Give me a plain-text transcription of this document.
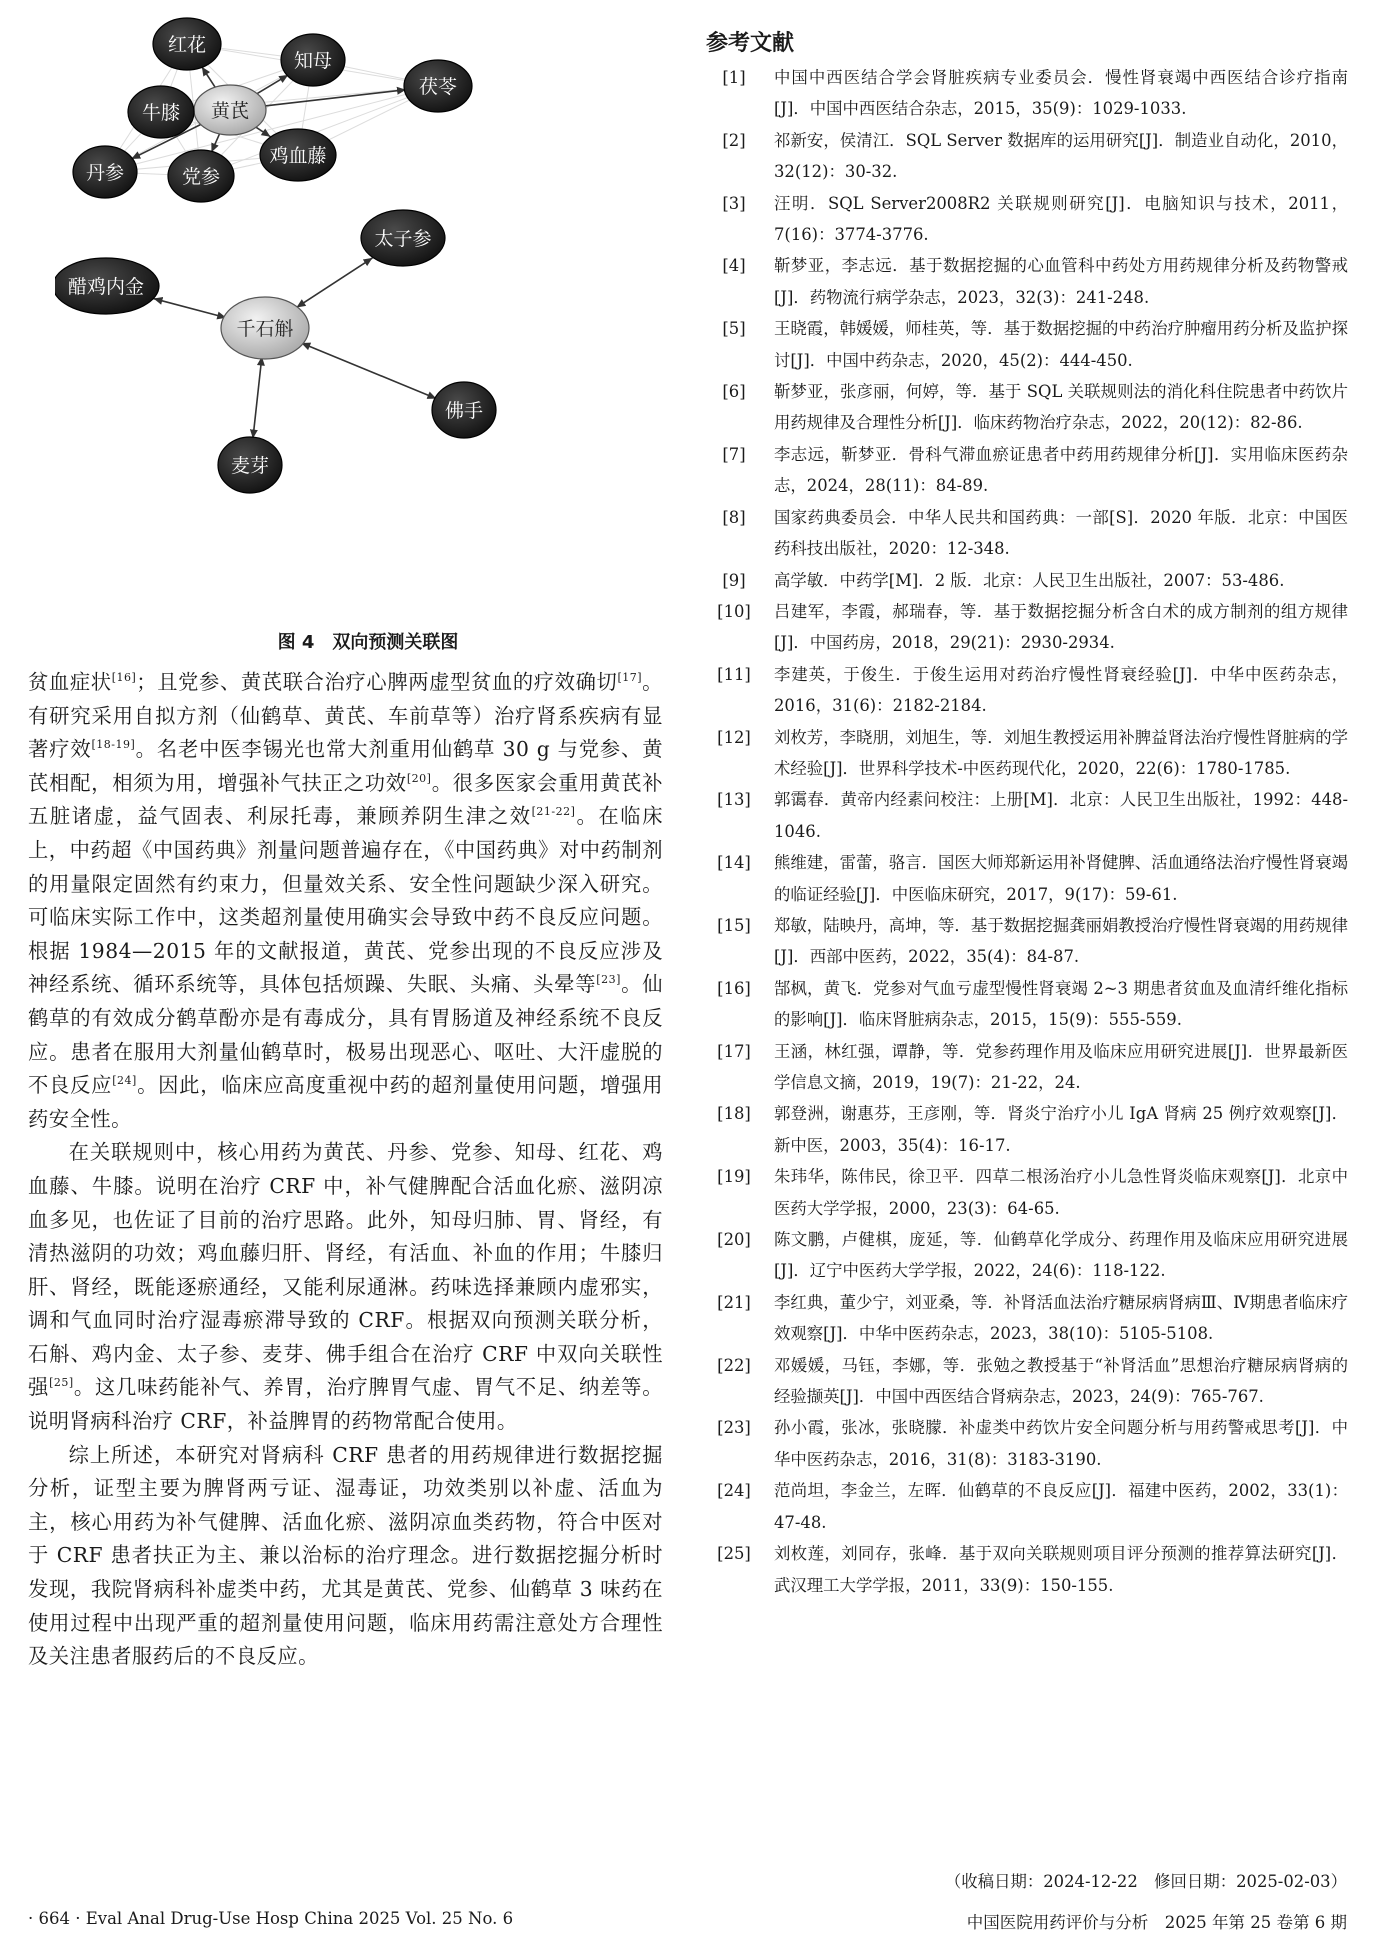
黄芪
红花
知母
茯苓
牛膝
鸡血藤
丹参	党参
千石斛
太子参
醋鸡内金
佛手
麦芽
图 4　双向预测关联图

贫血症状[16]；且党参、黄芪联合治疗心脾两虚型贫血的疗效确切[17]。有研究采用自拟方剂（仙鹤草、黄芪、车前草等）治疗肾系疾病有显著疗效[18-19]。名老中医李锡光也常大剂重用仙鹤草 30 g 与党参、黄芪相配，相须为用，增强补气扶正之功效[20]。很多医家会重用黄芪补五脏诸虚，益气固表、利尿托毒，兼顾养阴生津之效[21-22]。在临床上，中药超《中国药典》剂量问题普遍存在，《中国药典》对中药制剂的用量限定固然有约束力，但量效关系、安全性问题缺少深入研究。可临床实际工作中，这类超剂量使用确实会导致中药不良反应问题。根据 1984—2015 年的文献报道，黄芪、党参出现的不良反应涉及神经系统、循环系统等，具体包括烦躁、失眠、头痛、头晕等[23]。仙鹤草的有效成分鹤草酚亦是有毒成分，具有胃肠道及神经系统不良反应。患者在服用大剂量仙鹤草时，极易出现恶心、呕吐、大汗虚脱的不良反应[24]。因此，临床应高度重视中药的超剂量使用问题，增强用药安全性。

在关联规则中，核心用药为黄芪、丹参、党参、知母、红花、鸡血藤、牛膝。说明在治疗 CRF 中，补气健脾配合活血化瘀、滋阴凉血多见，也佐证了目前的治疗思路。此外，知母归肺、胃、肾经，有清热滋阴的功效；鸡血藤归肝、肾经，有活血、补血的作用；牛膝归肝、肾经，既能逐瘀通经，又能利尿通淋。药味选择兼顾内虚邪实，调和气血同时治疗湿毒瘀滞导致的 CRF。根据双向预测关联分析，石斛、鸡内金、太子参、麦芽、佛手组合在治疗 CRF 中双向关联性强[25]。这几味药能补气、养胃，治疗脾胃气虚、胃气不足、纳差等。说明肾病科治疗 CRF，补益脾胃的药物常配合使用。

综上所述，本研究对肾病科 CRF 患者的用药规律进行数据挖掘分析，证型主要为脾肾两亏证、湿毒证，功效类别以补虚、活血为主，核心用药为补气健脾、活血化瘀、滋阴凉血类药物，符合中医对于 CRF 患者扶正为主、兼以治标的治疗理念。进行数据挖掘分析时发现，我院肾病科补虚类中药，尤其是黄芪、党参、仙鹤草 3 味药在使用过程中出现严重的超剂量使用问题，临床用药需注意处方合理性及关注患者服药后的不良反应。

参考文献
[1]	中国中西医结合学会肾脏疾病专业委员会．慢性肾衰竭中西医结合诊疗指南[J]．中国中西医结合杂志，2015，35(9)：1029-1033.
[2]	祁新安，侯清江．SQL Server 数据库的运用研究[J]．制造业自动化，2010，32(12)：30-32.
[3]	汪明．SQL Server2008R2 关联规则研究[J]．电脑知识与技术，2011，7(16)：3774-3776.
[4]	靳梦亚，李志远．基于数据挖掘的心血管科中药处方用药规律分析及药物警戒[J]．药物流行病学杂志，2023，32(3)：241-248.
[5]	王晓霞，韩媛媛，师桂英，等．基于数据挖掘的中药治疗肿瘤用药分析及监护探讨[J]．中国中药杂志，2020，45(2)：444-450.
[6]	靳梦亚，张彦丽，何婷，等．基于 SQL 关联规则法的消化科住院患者中药饮片用药规律及合理性分析[J]．临床药物治疗杂志，2022，20(12)：82-86.
[7]	李志远，靳梦亚．骨科气滞血瘀证患者中药用药规律分析[J]．实用临床医药杂志，2024，28(11)：84-89.
[8]	国家药典委员会．中华人民共和国药典：一部[S]．2020 年版．北京：中国医药科技出版社，2020：12-348.
[9]	高学敏．中药学[M]．2 版．北京：人民卫生出版社，2007：53-486.
[10]	吕建军，李霞，郝瑞春，等．基于数据挖掘分析含白术的成方制剂的组方规律[J]．中国药房，2018，29(21)：2930-2934.
[11]	李建英，于俊生．于俊生运用对药治疗慢性肾衰经验[J]．中华中医药杂志，2016，31(6)：2182-2184.
[12]	刘枚芳，李晓朋，刘旭生，等．刘旭生教授运用补脾益肾法治疗慢性肾脏病的学术经验[J]．世界科学技术-中医药现代化，2020，22(6)：1780-1785.
[13]	郭霭春．黄帝内经素问校注：上册[M]．北京：人民卫生出版社，1992：448-1046.
[14]	熊维建，雷蕾，骆言．国医大师郑新运用补肾健脾、活血通络法治疗慢性肾衰竭的临证经验[J]．中医临床研究，2017，9(17)：59-61.
[15]	郑敏，陆映丹，高坤，等．基于数据挖掘龚丽娟教授治疗慢性肾衰竭的用药规律[J]．西部中医药，2022，35(4)：84-87.
[16]	郜枫，黄飞．党参对气血亏虚型慢性肾衰竭 2~3 期患者贫血及血清纤维化指标的影响[J]．临床肾脏病杂志，2015，15(9)：555-559.
[17]	王涵，林红强，谭静，等．党参药理作用及临床应用研究进展[J]．世界最新医学信息文摘，2019，19(7)：21-22，24.
[18]	郭登洲，谢惠芬，王彦刚，等．肾炎宁治疗小儿 IgA 肾病 25 例疗效观察[J]．新中医，2003，35(4)：16-17.
[19]	朱玮华，陈伟民，徐卫平．四草二根汤治疗小儿急性肾炎临床观察[J]．北京中医药大学学报，2000，23(3)：64-65.
[20]	陈文鹏，卢健棋，庞延，等．仙鹤草化学成分、药理作用及临床应用研究进展[J]．辽宁中医药大学学报，2022，24(6)：118-122.
[21]	李红典，董少宁，刘亚桑，等．补肾活血法治疗糖尿病肾病Ⅲ、Ⅳ期患者临床疗效观察[J]．中华中医药杂志，2023，38(10)：5105-5108.
[22]	邓媛媛，马钰，李娜，等．张勉之教授基于“补肾活血”思想治疗糖尿病肾病的经验撷英[J]．中国中西医结合肾病杂志，2023，24(9)：765-767.
[23]	孙小霞，张冰，张晓朦．补虚类中药饮片安全问题分析与用药警戒思考[J]．中华中医药杂志，2016，31(8)：3183-3190.
[24]	范尚坦，李金兰，左晖．仙鹤草的不良反应[J]．福建中医药，2002，33(1)：47-48.
[25]	刘枚莲，刘同存，张峰．基于双向关联规则项目评分预测的推荐算法研究[J]．武汉理工大学学报，2011，33(9)：150-155.
（收稿日期：2024-12-22　修回日期：2025-02-03）
· 664 · Eval Anal Drug-Use Hosp China 2025 Vol. 25 No. 6	中国医院用药评价与分析　2025 年第 25 卷第 6 期
